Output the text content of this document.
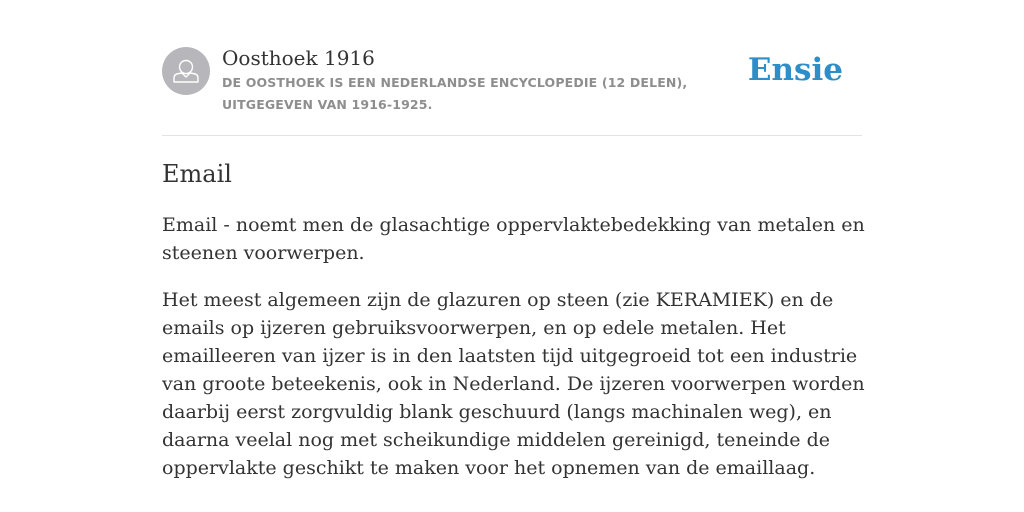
Oosthoek 1916

DE OOSTHOEK IS EEN NEDERLANDSE ENCYCLOPEDIE (12 DELEN), UITGEGEVEN VAN 1916-1925.

Ensie
Email

Email - noemt men de glasachtige oppervlaktebedekking van metalen en steenen voorwerpen.

Het meest algemeen zijn de glazuren op steen (zie KERAMIEK) en de emails op ijzeren gebruiksvoorwerpen, en op edele metalen. Het emailleeren van ijzer is in den laatsten tijd uitgegroeid tot een industrie van groote beteekenis, ook in Nederland. De ijzeren voorwerpen worden daarbij eerst zorgvuldig blank geschuurd (langs machinalen weg), en daarna veelal nog met scheikundige middelen gereinigd, teneinde de oppervlakte geschikt te maken voor het opnemen van de emaillaag.
